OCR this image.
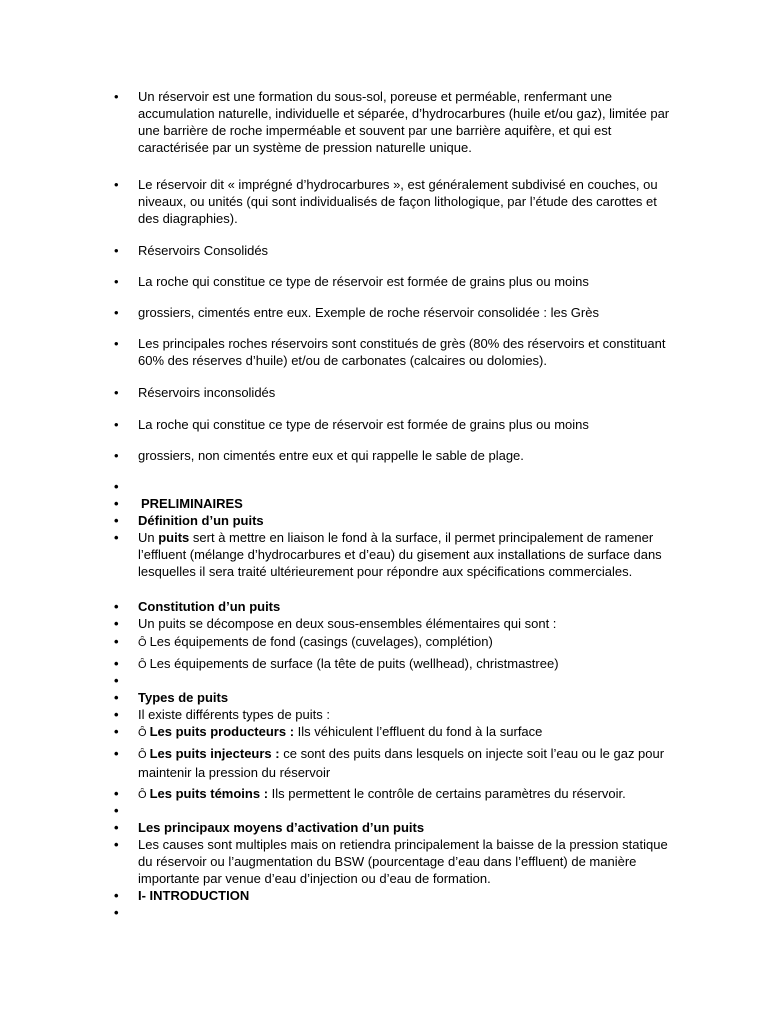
•	Un réservoir est une formation du sous-sol, poreuse et perméable, renfermant une accumulation naturelle, individuelle et séparée, d’hydrocarbures (huile et/ou gaz), limitée par une barrière de roche imperméable et souvent par une barrière aquifère, et qui est caractérisée par un système de pression naturelle unique.
•	Le réservoir dit « imprégné d’hydrocarbures », est généralement subdivisé en couches, ou niveaux, ou unités (qui sont individualisés de façon lithologique, par l’étude des carottes et des diagraphies).
•	Réservoirs Consolidés
•	La roche qui constitue ce type de réservoir est formée de grains plus ou moins
•	grossiers, cimentés entre eux. Exemple de roche réservoir consolidée : les Grès
•	Les principales roches réservoirs sont constitués de grès (80% des réservoirs et constituant 60% des réserves d’huile) et/ou de carbonates (calcaires ou dolomies).
•	Réservoirs inconsolidés
•	La roche qui constitue ce type de réservoir est formée de grains plus ou moins
•	grossiers, non cimentés entre eux et qui rappelle le sable de plage.
•
•	PRELIMINAIRES
•	Définition d’un puits
•	Un puits sert à mettre en liaison le fond à la surface, il permet principalement de ramener l’effluent (mélange d’hydrocarbures et d’eau) du gisement aux installations de surface dans lesquelles il sera traité ultérieurement pour répondre aux spécifications commerciales.
•	Constitution d’un puits
•	Un puits se décompose en deux sous-ensembles élémentaires qui sont :
•	Ȏ Les équipements de fond (casings (cuvelages), complétion)
•	Ȏ Les équipements de surface (la tête de puits (wellhead), christmastree)
•
•	Types de puits
•	Il existe différents types de puits :
•	Ȏ Les puits producteurs : Ils véhiculent l’effluent du fond à la surface
•	Ȏ Les puits injecteurs : ce sont des puits dans lesquels on injecte soit l’eau ou le gaz pour maintenir la pression du réservoir
•	Ȏ Les puits témoins : Ils permettent le contrôle de certains paramètres du réservoir.
•
•	Les principaux moyens d’activation d’un puits
•	Les causes sont multiples mais on retiendra principalement la baisse de la pression statique du réservoir ou l’augmentation du BSW (pourcentage d’eau dans l’effluent) de manière importante par venue d’eau d’injection ou d’eau de formation.
•	I- INTRODUCTION
•
